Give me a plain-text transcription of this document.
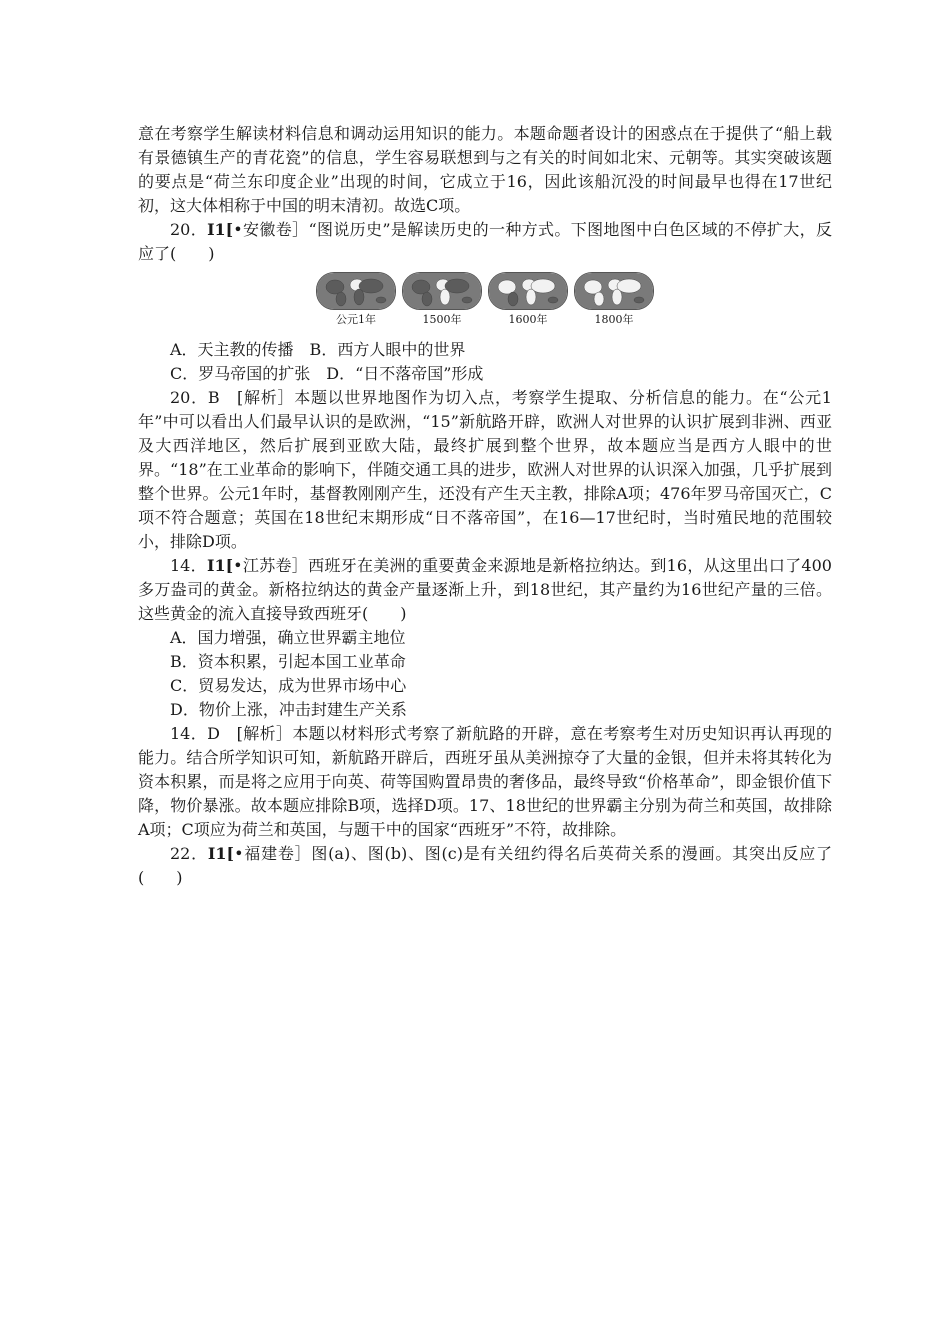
意在考察学生解读材料信息和调动运用知识的能力。本题命题者设计的困惑点在于提供了“船上载有景德镇生产的青花瓷”的信息，学生容易联想到与之有关的时间如北宋、元朝等。其实突破该题的要点是“荷兰东印度企业”出现的时间，它成立于16，因此该船沉没的时间最早也得在17世纪初，这大体相称于中国的明末清初。故选C项。

20．I1[•安徽卷］“图说历史”是解读历史的一种方式。下图地图中白色区域的不停扩大，反应了(　　)

公元1年	1500年	1600年	1800年

A．天主教的传播　B．西方人眼中的世界

C．罗马帝国的扩张　D．“日不落帝国”形成

20．B　[解析］本题以世界地图作为切入点，考察学生提取、分析信息的能力。在“公元1年”中可以看出人们最早认识的是欧洲，“15”新航路开辟，欧洲人对世界的认识扩展到非洲、西亚及大西洋地区，然后扩展到亚欧大陆，最终扩展到整个世界，故本题应当是西方人眼中的世界。“18”在工业革命的影响下，伴随交通工具的进步，欧洲人对世界的认识深入加强，几乎扩展到整个世界。公元1年时，基督教刚刚产生，还没有产生天主教，排除A项；476年罗马帝国灭亡，C项不符合题意；英国在18世纪末期形成“日不落帝国”，在16—17世纪时，当时殖民地的范围较小，排除D项。

14．I1[•江苏卷］西班牙在美洲的重要黄金来源地是新格拉纳达。到16，从这里出口了400多万盎司的黄金。新格拉纳达的黄金产量逐渐上升，到18世纪，其产量约为16世纪产量的三倍。这些黄金的流入直接导致西班牙(　　)

A．国力增强，确立世界霸主地位

B．资本积累，引起本国工业革命

C．贸易发达，成为世界市场中心

D．物价上涨，冲击封建生产关系

14．D　[解析］本题以材料形式考察了新航路的开辟，意在考察考生对历史知识再认再现的能力。结合所学知识可知，新航路开辟后，西班牙虽从美洲掠夺了大量的金银，但并未将其转化为资本积累，而是将之应用于向英、荷等国购置昂贵的奢侈品，最终导致“价格革命”，即金银价值下降，物价暴涨。故本题应排除B项，选择D项。17、18世纪的世界霸主分别为荷兰和英国，故排除A项；C项应为荷兰和英国，与题干中的国家“西班牙”不符，故排除。

22．I1[•福建卷］图(a)、图(b)、图(c)是有关纽约得名后英荷关系的漫画。其突出反应了(　　)
